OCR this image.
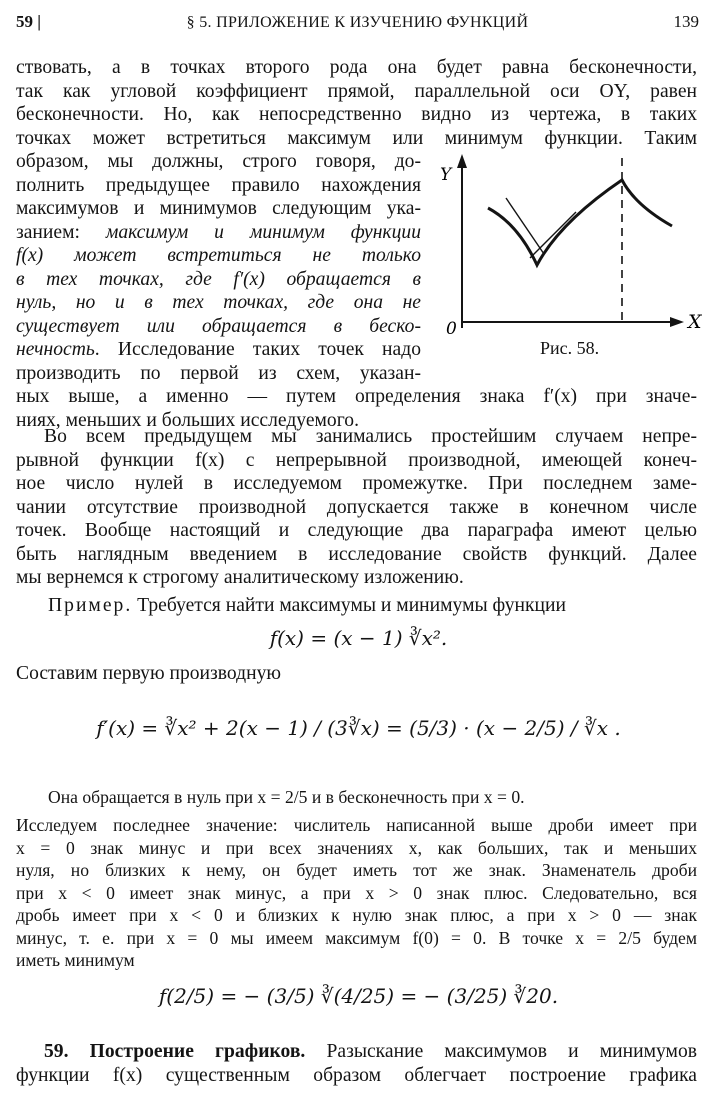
59 |	§ 5. ПРИЛОЖЕНИЕ К ИЗУЧЕНИЮ ФУНКЦИЙ	139

ствовать, а в точках второго рода она будет равна бесконечности,

так как угловой коэффициент прямой, параллельной оси OY, равен

бесконечности. Но, как непосредственно видно из чертежа, в таких

точках может встретиться максимум или минимум функции. Таким

образом, мы должны, строго говоря, до-

полнить предыдущее правило нахождения

максимумов и минимумов следующим ука-

занием: максимум и минимум функции

f(x) может встретиться не только

в тех точках, где f′(x) обращается в

нуль, но и в тех точках, где она не

существует или обращается в беско-

нечность. Исследование таких точек надо

производить по первой из схем, указан-

ных выше, а именно — путем определения знака f′(x) при значе-

ниях, меньших и больших исследуемого.

Y
X
0
Рис. 58.

Во всем предыдущем мы занимались простейшим случаем непре-

рывной функции f(x) с непрерывной производной, имеющей конеч-

ное число нулей в исследуемом промежутке. При последнем заме-

чании отсутствие производной допускается также в конечном числе

точек. Вообще настоящий и следующие два параграфа имеют целью

быть наглядным введением в исследование свойств функций. Далее

мы вернемся к строгому аналитическому изложению.

Пример. Требуется найти максимумы и минимумы функции

f(x) = (x − 1) ∛x².

Составим первую производную

f′(x) = ∛x² + 2(x − 1) / (3∛x) = (5/3) · (x − 2/5) / ∛x .

Она обращается в нуль при x = 2/5 и в бесконечность при x = 0.

Исследуем последнее значение: числитель написанной выше дроби имеет при

x = 0 знак минус и при всех значениях x, как больших, так и меньших

нуля, но близких к нему, он будет иметь тот же знак. Знаменатель дроби

при x < 0 имеет знак минус, а при x > 0 знак плюс. Следовательно, вся

дробь имеет при x < 0 и близких к нулю знак плюс, а при x > 0 — знак

минус, т. е. при x = 0 мы имеем максимум f(0) = 0. В точке x = 2/5 будем

иметь минимум

f(2/5) = − (3/5) ∛(4/25) = − (3/25) ∛20.

59. Построение графиков. Разыскание максимумов и минимумов

функции f(x) существенным образом облегчает построение графика
